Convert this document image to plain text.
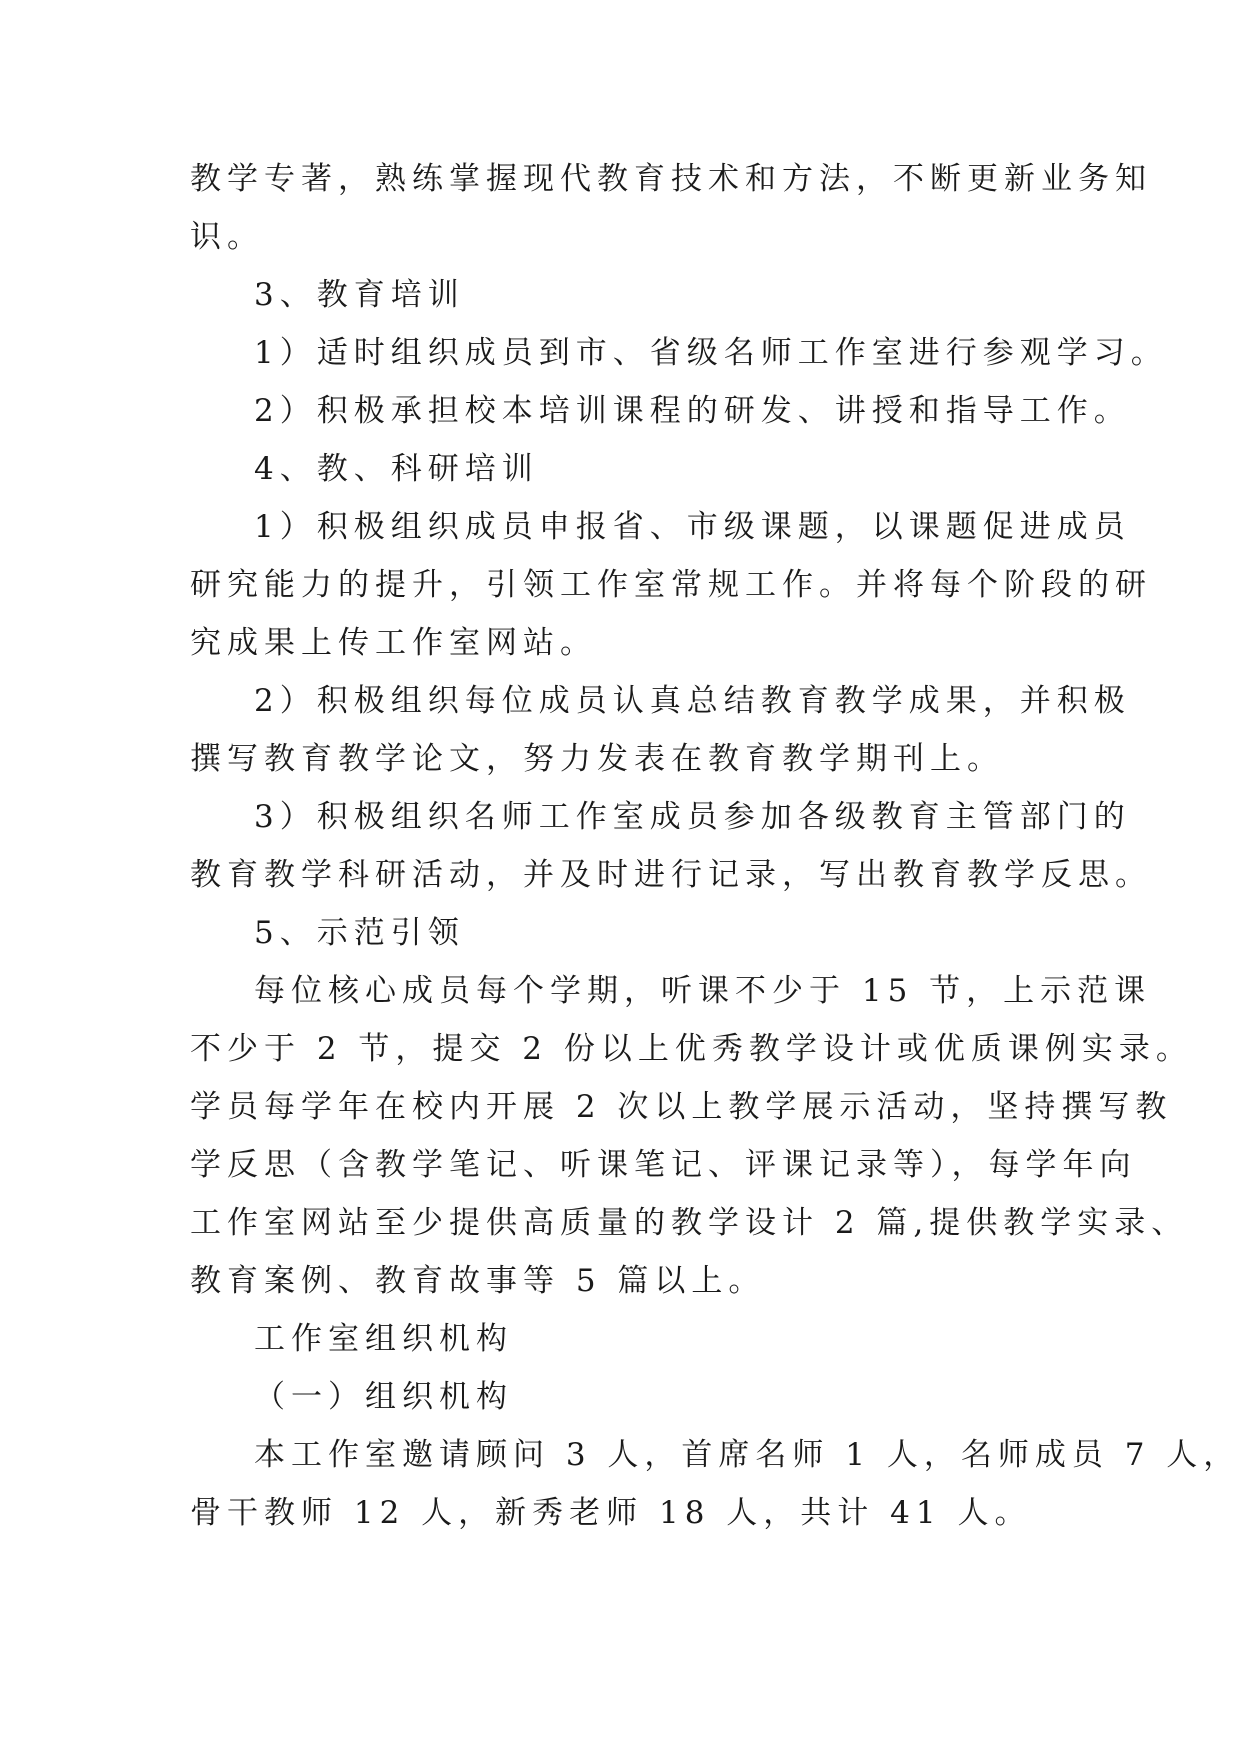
教学专著，熟练掌握现代教育技术和方法，不断更新业务知
识。
3、教育培训
1）适时组织成员到市、省级名师工作室进行参观学习。
2）积极承担校本培训课程的研发、讲授和指导工作。
4、教、科研培训
1）积极组织成员申报省、市级课题，以课题促进成员
研究能力的提升，引领工作室常规工作。并将每个阶段的研
究成果上传工作室网站。
2）积极组织每位成员认真总结教育教学成果，并积极
撰写教育教学论文，努力发表在教育教学期刊上。
3）积极组织名师工作室成员参加各级教育主管部门的
教育教学科研活动，并及时进行记录，写出教育教学反思。
5、示范引领
每位核心成员每个学期，听课不少于 15 节，上示范课
不少于 2 节，提交 2 份以上优秀教学设计或优质课例实录。
学员每学年在校内开展 2 次以上教学展示活动，坚持撰写教
学反思（含教学笔记、听课笔记、评课记录等），每学年向
工作室网站至少提供高质量的教学设计 2 篇,提供教学实录、
教育案例、教育故事等 5 篇以上。
工作室组织机构
（一）组织机构
本工作室邀请顾问 3 人，首席名师 1 人，名师成员 7 人，
骨干教师 12 人，新秀老师 18 人，共计 41 人。
